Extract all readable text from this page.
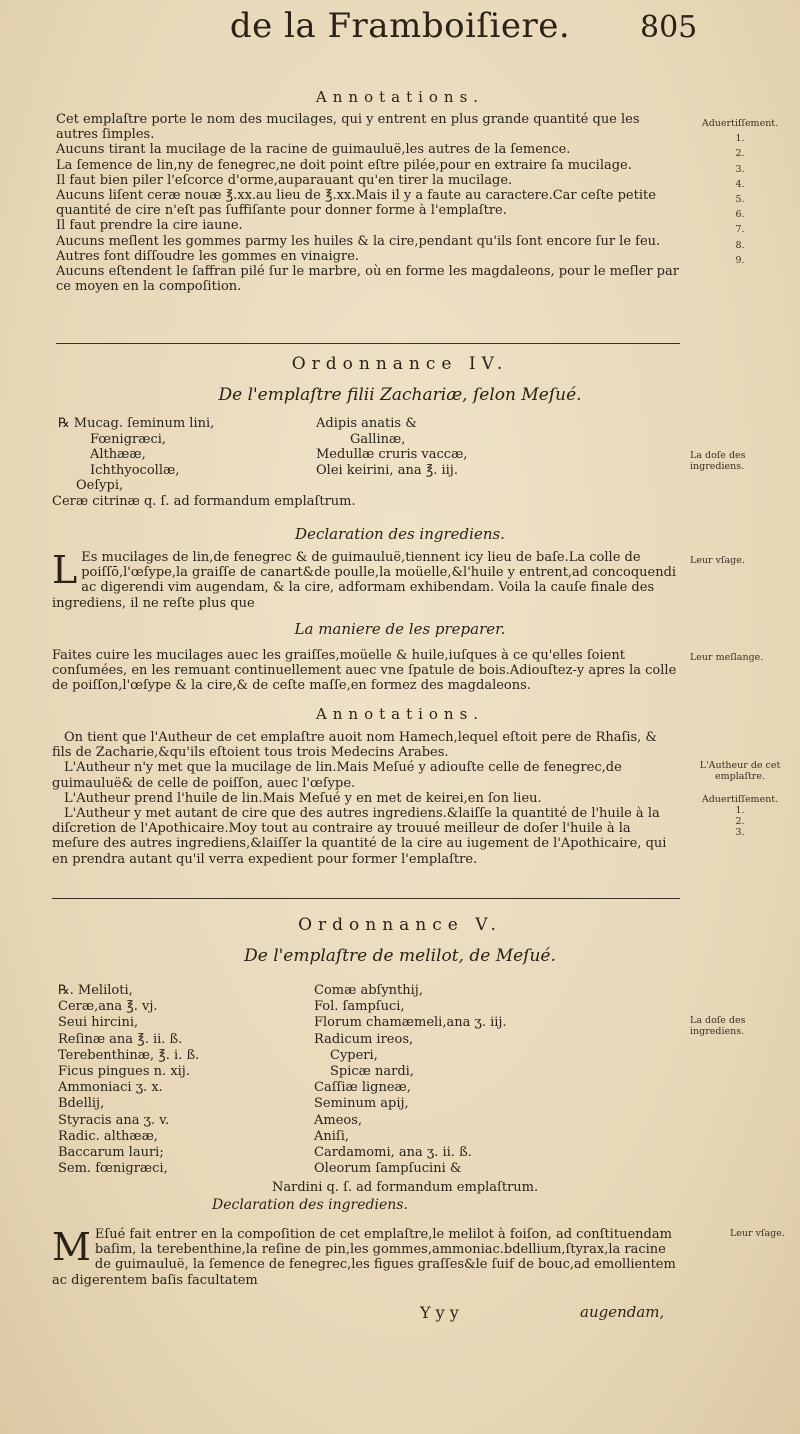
de la Framboiſiere.	805
Annotations.

Cet emplaſtre porte le nom des mucilages, qui y entrent en plus grande quantité que les autres ſimples.

Aucuns tirant la mucilage de la racine de guimauluë,les autres de la ſemence.

La ſemence de lin,ny de fenegrec,ne doit point eſtre pilée,pour en extraire ſa mucilage.

Il faut bien piler l'eſcorce d'orme,auparauant qu'en tirer la mucilage.

Aucuns liſent ceræ nouæ ℥.xx.au lieu de ℥.xx.Mais il y a faute au caractere.Car ceſte petite quantité de cire n'eſt pas ſuffiſante pour donner forme à l'emplaſtre.

Il faut prendre la cire iaune.

Aucuns meſlent les gommes parmy les huiles & la cire,pendant qu'ils ſont encore ſur le feu.

Autres font diſſoudre les gommes en vinaigre.

Aucuns eſtendent le ſaffran pilé ſur le marbre, où en forme les magdaleons, pour le meſler par ce moyen en la compoſition.

Aduertiſſement.
1.
2.
3.
4.
5.
6.
7.
8.
9.
Ordonnance IV.
De l'emplaſtre filii Zachariæ, ſelon Meſué.
℞ Mucag. ſeminum lini,
Fœnigræci,
Althææ,
Ichthyocollæ,
Oeſypi,
Adipis anatis &
Gallinæ,
Medullæ cruris vaccæ,
Olei keirini, ana ℥. iij.
Ceræ citrinæ q. ſ. ad formandum emplaſtrum.
La doſe des ingrediens.
Declaration des ingrediens.
L Es mucilages de lin,de fenegrec & de guimauluë,tiennent icy lieu de baſe.La colle de poiſſō,l'œſype,la graiſſe de canart&de poulle,la moüelle,&l'huile y entrent,ad concoquendi ac digerendi vim augendam, & la cire, adformam exhibendam. Voila la cauſe finale des ingrediens, il ne reſte plus que
Leur vſage.
La maniere de les preparer.
Faites cuire les mucilages auec les graiſſes,moüelle & huile,iuſques à ce qu'elles ſoient conſumées, en les remuant continuellement auec vne ſpatule de bois.Adiouſtez-y apres la colle de poiſſon,l'œſype & la cire,& de ceſte maſſe,en formez des magdaleons.
Leur meſlange.
Annotations.

On tient que l'Autheur de cet emplaſtre auoit nom Hamech,lequel eſtoit pere de Rhaſis, & fils de Zacharie,&qu'ils eſtoient tous trois Medecins Arabes.

L'Autheur n'y met que la mucilage de lin.Mais Meſué y adiouſte celle de fenegrec,de guimauluë& de celle de poiſſon, auec l'œſype.

L'Autheur prend l'huile de lin.Mais Meſué y en met de keirei,en ſon lieu.

L'Autheur y met autant de cire que des autres ingrediens.&laiſſe la quantité de l'huile à la diſcretion de l'Apothicaire.Moy tout au contraire ay trouué meilleur de doſer l'huile à la meſure des autres ingrediens,&laiſſer la quantité de la cire au iugement de l'Apothicaire, qui en prendra autant qu'il verra expedient pour former l'emplaſtre.

L'Autheur de cet emplaſtre.
Aduertiſſement.
1.
2.
3.
Ordonnance V.
De l'emplaſtre de melilot, de Meſué.
℞. Meliloti,
Ceræ,ana ℥. vj.
Seui hircini,
Reſinæ ana ℥. ii. ß.
Terebenthinæ, ℥. i. ß.
Ficus pingues n. xij.
Ammoniaci ʒ. x.
Bdellij,
Styracis ana ʒ. v.
Radic. althææ,
Baccarum lauri;
Sem. fœnigræci,
Comæ abſynthij,
Fol. ſampſuci,
Florum chamæmeli,ana ʒ. iij.
Radicum ireos,
Cyperi,
Spicæ nardi,
Caſſiæ ligneæ,
Seminum apij,
Ameos,
Aniſi,
Cardamomi, ana ʒ. ii. ß.
Oleorum ſampſucini &
Nardini q. ſ. ad formandum emplaſtrum.
La doſe des ingrediens.
Declaration des ingrediens.
M Eſué fait entrer en la compoſition de cet emplaſtre,le melilot à foiſon, ad conſtituendam baſim, la terebenthine,la reſine de pin,les gommes,ammoniac.bdellium,ſtyrax,la racine de guimauluë, la ſemence de fenegrec,les figues graſſes&le ſuif de bouc,ad emollientem ac digerentem baſis facultatem
Leur vſage.
Y y y	augendam,
